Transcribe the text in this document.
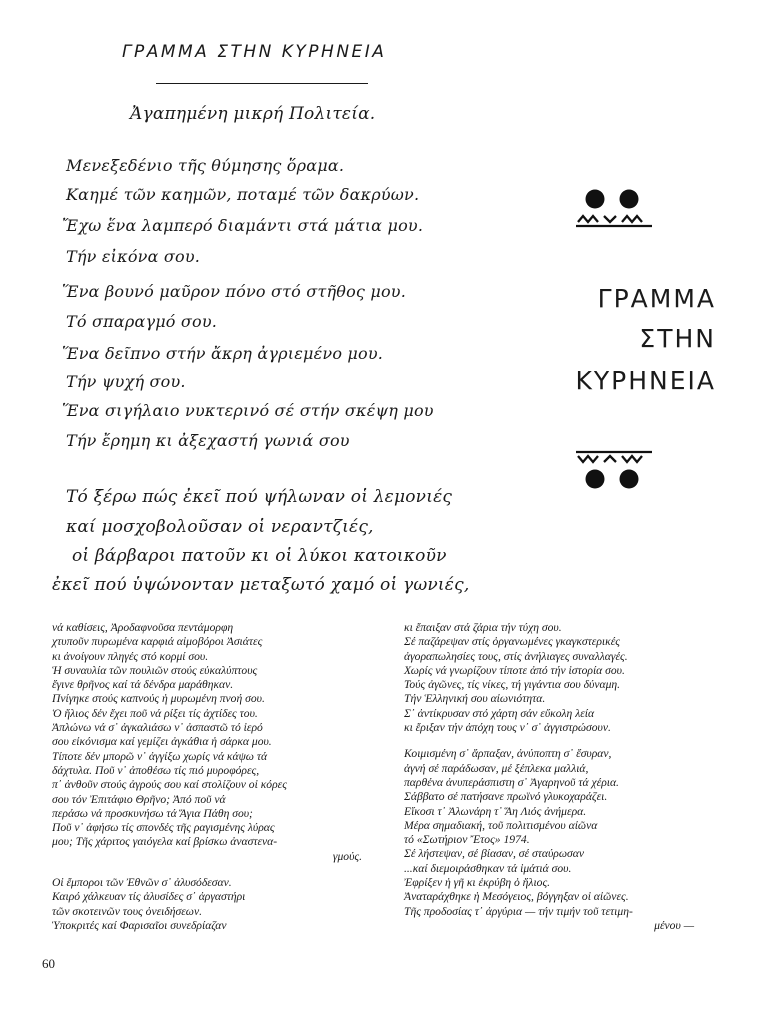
ΓΡΑΜΜΑ ΣΤΗΝ ΚΥΡΗΝΕΙΑ
Ἀγαπημένη μικρή Πολιτεία.
Μενεξεδένιο τῆς θύμησης ὅραμα.
Καημέ τῶν καημῶν, ποταμέ τῶν δακρύων.
Ἔχω ἕνα λαμπερό διαμάντι στά μάτια μου.
Τήν εἰκόνα σου.
Ἕνα βουνό μαῦρον πόνο στό στῆθος μου.
Τό σπαραγμό σου.
Ἕνα δεῖπνο στήν ἄκρη ἀγριεμένο μου.
Τήν ψυχή σου.
Ἕνα σιγήλαιο νυκτερινό σέ στήν σκέψη μου
Τήν ἔρημη κι ἀξεχαστή γωνιά σου
Τό ξέρω πώς ἐκεῖ πού ψήλωναν οἱ λεμονιές
καί μοσχοβολοῦσαν οἱ νεραντζιές,
οἱ βάρβαροι πατοῦν κι οἱ λύκοι κατοικοῦν
ἐκεῖ πού ὑψώνονταν μεταξωτό χαμό οἱ γωνιές,
ΓΡΑΜΜΑ
ΣΤΗΝ
ΚΥΡΗΝΕΙΑ

νά καθίσεις, Ἀροδαφνοῦσα πεντάμορφη

χτυποῦν πυρωμένα καρφιά αἱμοβόροι Ἀσιάτες

κι ἀνοίγουν πληγές στό κορμί σου.

Ἡ συναυλία τῶν πουλιῶν στούς εὐκαλύπτους

ἔγινε θρῆνος καί τά δένδρα μαράθηκαν.

Πνίγηκε στούς καπνούς ἡ μυρωμένη πνοή σου.

Ὁ ἥλιος δέν ἔχει ποῦ νά ρίξει τίς ἀχτίδες του.

Ἁπλώνω νά σ᾿ ἀγκαλιάσω ν᾿ ἀσπαστῶ τό ἱερό

σου εἰκόνισμα καί γεμίζει ἀγκάθια ἡ σάρκα μου.

Τίποτε δέν μπορῶ ν᾿ ἀγγίξω χωρίς νά κάψω τά

δάχτυλα. Ποῦ ν᾿ ἀποθέσω τίς πιό μυροφόρες,

π᾿ ἀνθοῦν στούς ἀγρούς σου καί στολίζουν οἱ κόρες

σου τόν Ἐπιτάφιο Θρῆνο; Ἀπό ποῦ νά

περάσω νά προσκυνήσω τά Ἅγια Πάθη σου;

Ποῦ ν᾿ ἀφήσω τίς σπονδές τῆς ραγισμένης λύρας

μου; Τῆς χάριτος γαιόγελα καί βρίσκω ἀναστενα-

γμούς.

Οἱ ἔμποροι τῶν Ἐθνῶν σ᾿ ἀλυσόδεσαν.

Καιρό χάλκευαν τίς ἁλυσίδες σ᾿ ἀργαστήρι

τῶν σκοτεινῶν τους ὀνειδήσεων.

Ὑποκριτές καί Φαρισαῖοι συνεδρίαζαν

κι ἔπαιξαν στά ζάρια τήν τύχη σου.

Σέ παζάρεψαν στίς ὀργανωμένες γκαγκστερικές

ἀγοραπωλησίες τους, στίς ἀνήλιαγες συναλλαγές.

Χωρίς νά γνωρίζουν τίποτε ἀπό τήν ἱστορία σου.

Τούς ἀγῶνες, τίς νίκες, τή γιγάντια σου δύναμη.

Τήν Ἑλληνική σου αἰωνιότητα.

Σ᾿ ἀντίκρυσαν στό χάρτη σάν εὔκολη λεία

κι ἔριξαν τήν ἀπόχη τους ν᾿ σ᾿ ἀγγιστρώσουν.

Κοιμισμένη σ᾿ ἅρπαξαν, ἀνύποπτη σ᾿ ἔσυραν,

ἁγνή σέ παράδωσαν, μέ ξέπλεκα μαλλιά,

παρθένα ἀνυπεράσπιστη σ᾿ Ἀγαρηνοῦ τά χέρια.

Σάββατο σέ πατήσανε πρωϊνό γλυκοχαράζει.

Εἴκοσι τ᾿ Ἀλωνάρη τ᾿ Ἅη Λιός ἀνήμερα.

Μέρα σημαδιακή, τοῦ πολιτισμένου αἰῶνα

τό «Σωτήριον Ἔτος» 1974.

Σέ λήστεψαν, σέ βίασαν, σέ σταύρωσαν

...καί διεμοιράσθηκαν τά ἱμάτιά σου.

Ἐφρίξεν ἡ γῆ κι ἐκρύβη ὁ ἥλιος.

Ἀναταράχθηκε ἡ Μεσόγειος, βόγγηξαν οἱ αἰῶνες.

Τῆς προδοσίας τ᾿ ἀργύρια — τήν τιμήν τοῦ τετιμη-

μένου —

60
